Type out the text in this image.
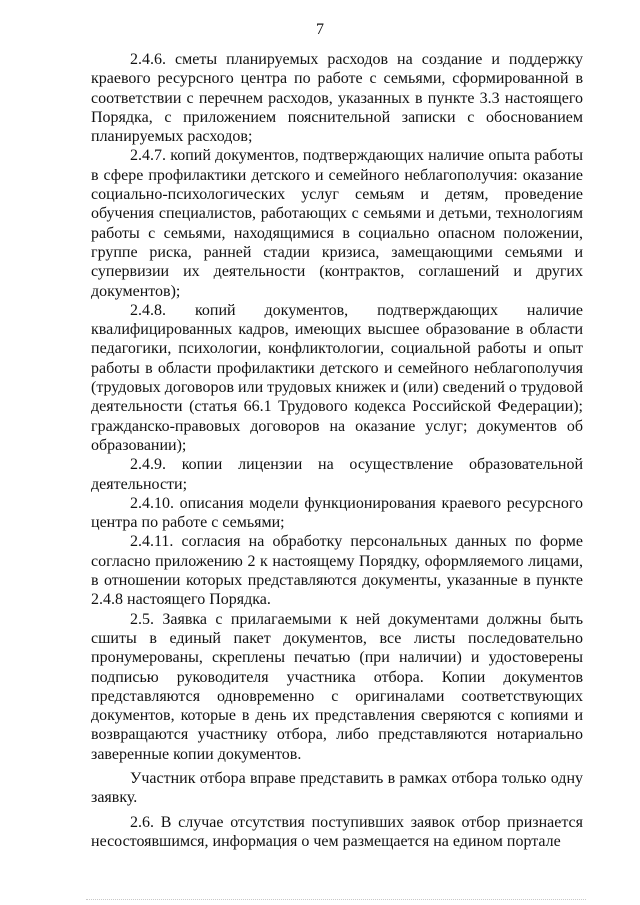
7

2.4.6. сметы планируемых расходов на создание и поддержку краевого ресурсного центра по работе с семьями, сформированной в соответствии с перечнем расходов, указанных в пункте 3.3 настоящего Порядка, с приложением пояснительной записки с обоснованием планируемых расходов;

2.4.7. копий документов, подтверждающих наличие опыта работы в сфере профилактики детского и семейного неблагополучия: оказание социально-психологических услуг семьям и детям, проведение обучения специалистов, работающих с семьями и детьми, технологиям работы с семьями, находящимися в социально опасном положении, группе риска, ранней стадии кризиса, замещающими семьями и супервизии их деятельности (контрактов, соглашений и других документов);

2.4.8. копий документов, подтверждающих наличие квалифицированных кадров, имеющих высшее образование в области педагогики, психологии, конфликтологии, социальной работы и опыт работы в области профилактики детского и семейного неблагополучия (трудовых договоров или трудовых книжек и (или) сведений о трудовой деятельности (статья 66.1 Трудового кодекса Российской Федерации); гражданско-правовых договоров на оказание услуг; документов об образовании);

2.4.9. копии лицензии на осуществление образовательной деятельности;

2.4.10. описания модели функционирования краевого ресурсного центра по работе с семьями;

2.4.11. согласия на обработку персональных данных по форме согласно приложению 2 к настоящему Порядку, оформляемого лицами, в отношении которых представляются документы, указанные в пункте 2.4.8 настоящего Порядка.

2.5. Заявка с прилагаемыми к ней документами должны быть сшиты в единый пакет документов, все листы последовательно пронумерованы, скреплены печатью (при наличии) и удостоверены подписью руководителя участника отбора. Копии документов представляются одновременно с оригиналами соответствующих документов, которые в день их представления сверяются с копиями и возвращаются участнику отбора, либо представляются нотариально заверенные копии документов.

Участник отбора вправе представить в рамках отбора только одну заявку.

2.6. В случае отсутствия поступивших заявок отбор признается несостоявшимся, информация о чем размещается на едином портале
